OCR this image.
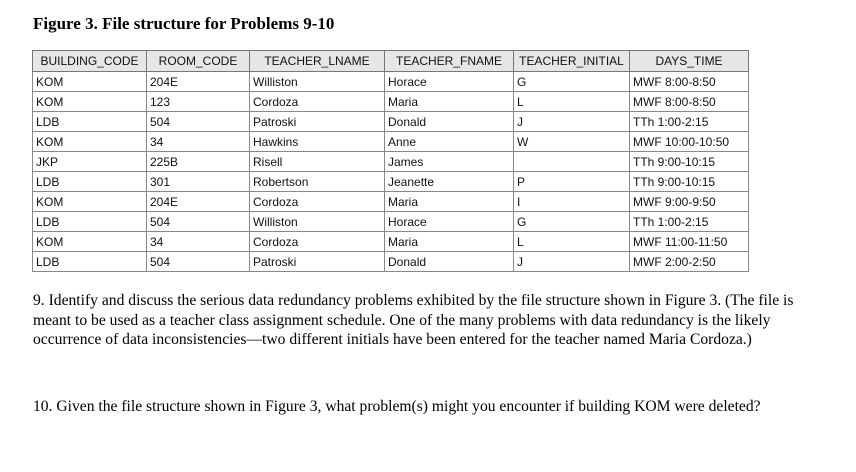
Figure 3. File structure for Problems 9-10
BUILDING_CODE	ROOM_CODE	TEACHER_LNAME	TEACHER_FNAME	TEACHER_INITIAL	DAYS_TIME
KOM	204E	Williston	Horace	G	MWF 8:00-8:50
KOM	123	Cordoza	Maria	L	MWF 8:00-8:50
LDB	504	Patroski	Donald	J	TTh 1:00-2:15
KOM	34	Hawkins	Anne	W	MWF 10:00-10:50
JKP	225B	Risell	James		TTh 9:00-10:15
LDB	301	Robertson	Jeanette	P	TTh 9:00-10:15
KOM	204E	Cordoza	Maria	I	MWF 9:00-9:50
LDB	504	Williston	Horace	G	TTh 1:00-2:15
KOM	34	Cordoza	Maria	L	MWF 11:00-11:50
LDB	504	Patroski	Donald	J	MWF 2:00-2:50

9. Identify and discuss the serious data redundancy problems exhibited by the file structure shown in Figure 3. (The file is meant to be used as a teacher class assignment schedule. One of the many problems with data redundancy is the likely occurrence of data inconsistencies—two different initials have been entered for the teacher named Maria Cordoza.)

10. Given the file structure shown in Figure 3, what problem(s) might you encounter if building KOM were deleted?
